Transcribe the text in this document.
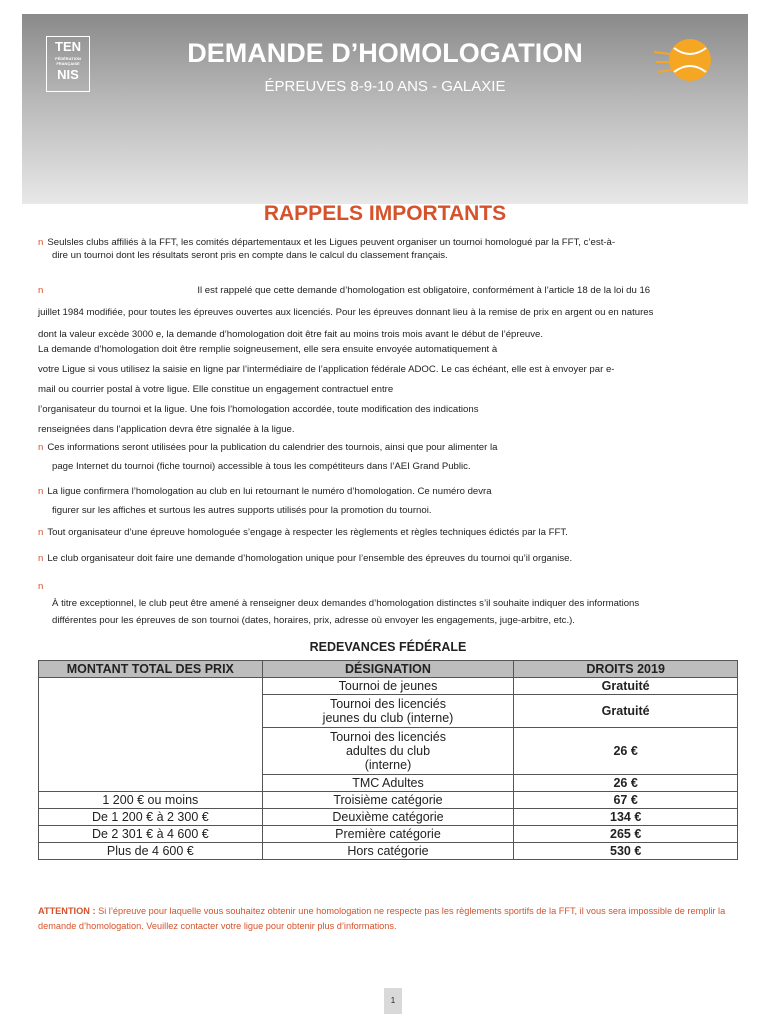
TEN
FÉDÉRATION FRANÇAISE
NIS
DEMANDE D’HOMOLOGATION
ÉPREUVES 8-9-10 ANS - GALAXIE
RAPPELS IMPORTANTS
n Seulsles clubs affiliés à la FFT, les comités départementaux et les Ligues peuvent organiser un tournoi homologué par la FFT, c’est-à-
dire un tournoi dont les résultats seront pris en compte dans le calcul du classement français.
n	Il est rappelé que cette demande d’homologation est obligatoire, conformément à l’article 18 de la loi du 16
juillet 1984 modifiée, pour toutes les épreuves ouvertes aux licenciés. Pour les épreuves donnant lieu à la remise de prix en argent ou en natures
dont la valeur excède 3000 e, la demande d’homologation doit être fait au moins trois mois avant le début de l’épreuve.
La demande d’homologation doit être remplie soigneusement, elle sera ensuite envoyée automatiquement à
votre Ligue si vous utilisez la saisie en ligne par l’intermédiaire de l’application fédérale ADOC. Le cas échéant, elle est à envoyer par e-
mail ou courrier postal à votre ligue. Elle constitue un engagement contractuel entre
l’organisateur du tournoi et la ligue. Une fois l’homologation accordée, toute modification des indications
renseignées dans l’application devra être signalée à la ligue.
n Ces informations seront utilisées pour la publication du calendrier des tournois, ainsi que pour alimenter la
page Internet du tournoi (fiche tournoi) accessible à tous les compétiteurs dans l’AEI Grand Public.
n La ligue confirmera l’homologation au club en lui retournant le numéro d’homologation. Ce numéro devra
figurer sur les affiches et surtous les autres supports utilisés pour la promotion du tournoi.
n Tout organisateur d’une épreuve homologuée s’engage à respecter les règlements et règles techniques édictés par la FFT.
n Le club organisateur doit faire une demande d’homologation unique pour l’ensemble des épreuves du tournoi qu’il organise.
n
À titre exceptionnel, le club peut être amené à renseigner deux demandes d’homologation distinctes s’il souhaite indiquer des informations
différentes pour les épreuves de son tournoi (dates, horaires, prix, adresse où envoyer les engagements, juge-arbitre, etc.).
REDEVANCES FÉDÉRALE		
MONTANT TOTAL DES PRIX	DÉSIGNATION	DROITS 2019
	Tournoi de jeunes	Gratuité
	Tournoi des licenciés jeunes du club (interne)	Gratuité
	Tournoi des licenciés adultes du club (interne)	26 €
	TMC Adultes	26 €
1 200 € ou moins	Troisième catégorie	67 €
De 1 200 € à 2 300 €	Deuxième catégorie	134 €
De 2 301 € à 4 600 €	Première catégorie	265 €
Plus de 4 600 €	Hors catégorie	530 €
ATTENTION : Si l’épreuve pour laquelle vous souhaitez obtenir une homologation ne respecte pas les règlements sportifs de la FFT, il vous sera impossible de remplir la demande d’homologation. Veuillez contacter votre ligue pour obtenir plus d’informations.
1
